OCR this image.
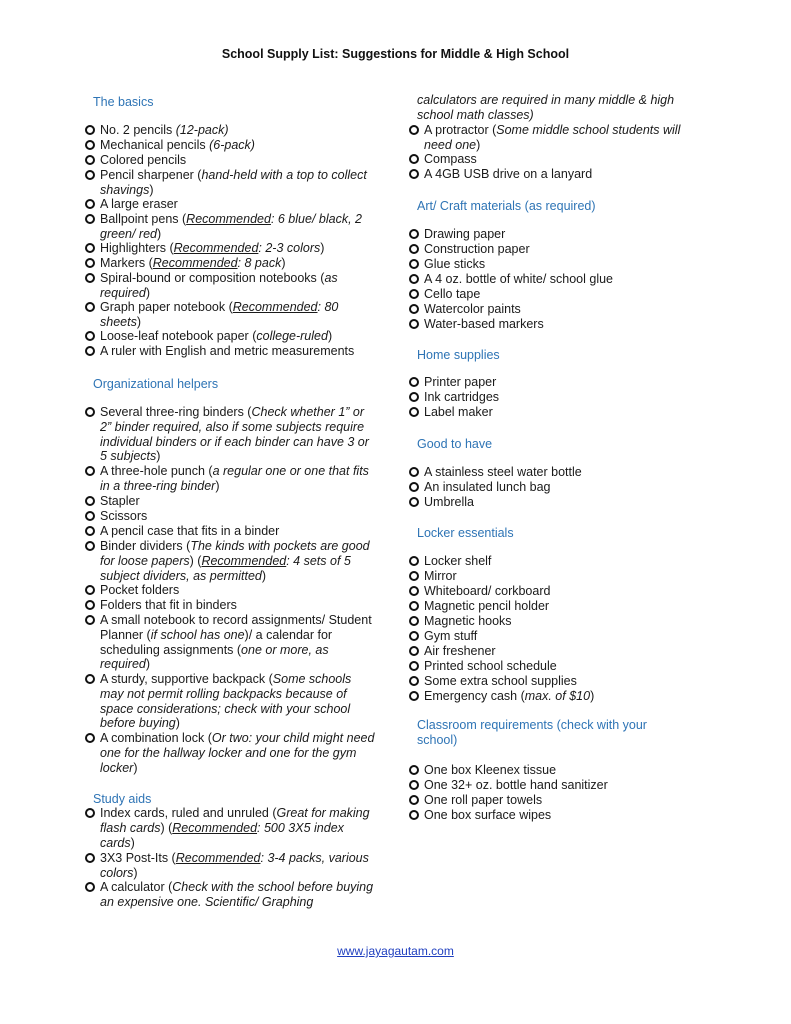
School Supply List: Suggestions for Middle & High School
The basics
No. 2 pencils (12-pack)
Mechanical pencils (6-pack)
Colored pencils
Pencil sharpener (hand-held with a top to collect shavings)
A large eraser
Ballpoint pens (Recommended: 6 blue/ black, 2 green/ red)
Highlighters (Recommended: 2-3 colors)
Markers (Recommended: 8 pack)
Spiral-bound or composition notebooks (as required)
Graph paper notebook (Recommended: 80 sheets)
Loose-leaf notebook paper (college-ruled)
A ruler with English and metric measurements
Organizational helpers
Several three-ring binders (Check whether 1” or 2” binder required, also if some subjects require individual binders or if each binder can have 3 or 5 subjects)
A three-hole punch (a regular one or one that fits in a three-ring binder)
Stapler
Scissors
A pencil case that fits in a binder
Binder dividers (The kinds with pockets are good for loose papers) (Recommended: 4 sets of 5 subject dividers, as permitted)
Pocket folders
Folders that fit in binders
A small notebook to record assignments/ Student Planner (if school has one)/ a calendar for scheduling assignments (one or more, as required)
A sturdy, supportive backpack (Some schools may not permit rolling backpacks because of space considerations; check with your school before buying)
A combination lock (Or two: your child might need one for the hallway locker and one for the gym locker)
Study aids
Index cards, ruled and unruled (Great for making flash cards) (Recommended: 500 3X5 index cards)
3X3 Post-Its (Recommended: 3-4 packs, various colors)
A calculator (Check with the school before buying an expensive one. Scientific/ Graphing
calculators are required in many middle & high school math classes)
A protractor (Some middle school students will need one)
Compass
A 4GB USB drive on a lanyard
Art/ Craft materials (as required)
Drawing paper
Construction paper
Glue sticks
A 4 oz. bottle of white/ school glue
Cello tape
Watercolor paints
Water-based markers
Home supplies
Printer paper
Ink cartridges
Label maker
Good to have
A stainless steel water bottle
An insulated lunch bag
Umbrella
Locker essentials
Locker shelf
Mirror
Whiteboard/ corkboard
Magnetic pencil holder
Magnetic hooks
Gym stuff
Air freshener
Printed school schedule
Some extra school supplies
Emergency cash (max. of $10)
Classroom requirements (check with your school)
One box Kleenex tissue
One 32+ oz. bottle hand sanitizer
One roll paper towels
One box surface wipes
www.jayagautam.com
